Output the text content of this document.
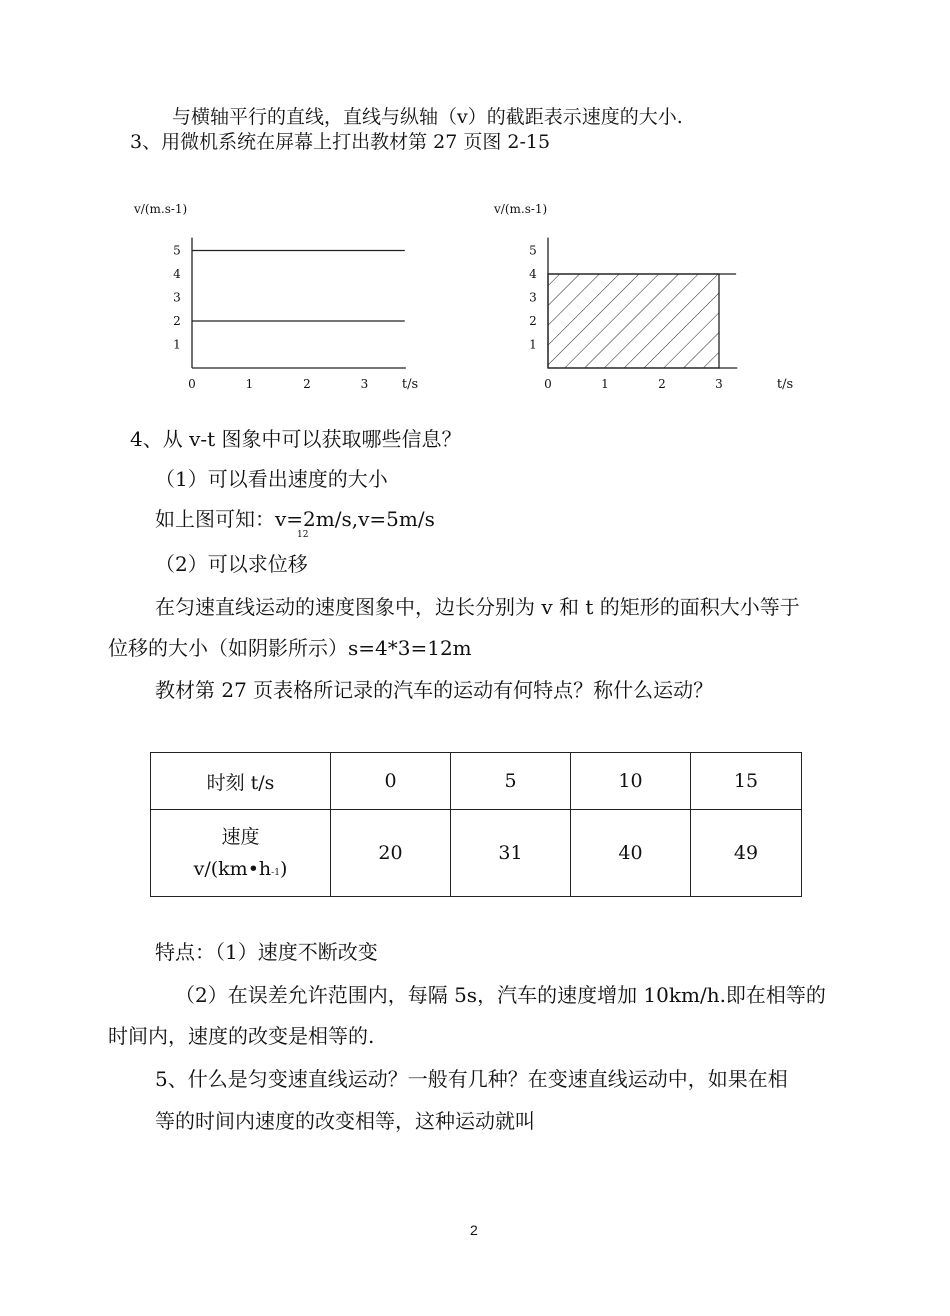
与横轴平行的直线，直线与纵轴（v）的截距表示速度的大小.
3、用微机系统在屏幕上打出教材第 27 页图 2-15
1
2
3
4
5
0	1	2	3	t/s
v/(m.s-1)
1
2
3
4
5
0	1	2	3	t/s
v/(m.s-1)
4、从 v-t 图象中可以获取哪些信息？
（1）可以看出速度的大小
如上图可知：v=2m/s,v=5m/s
12
（2）可以求位移
在匀速直线运动的速度图象中，边长分别为 v 和 t 的矩形的面积大小等于
位移的大小（如阴影所示）s=4*3=12m
教材第 27 页表格所记录的汽车的运动有何特点？称什么运动？
时刻 t/s	0	5	10	15
速度
v/(km•h-1)	20	31	40	49
特点：（1）速度不断改变
（2）在误差允许范围内，每隔 5s，汽车的速度增加 10km/h.即在相等的
时间内，速度的改变是相等的.
5、什么是匀变速直线运动？一般有几种？在变速直线运动中，如果在相
等的时间内速度的改变相等，这种运动就叫
2
